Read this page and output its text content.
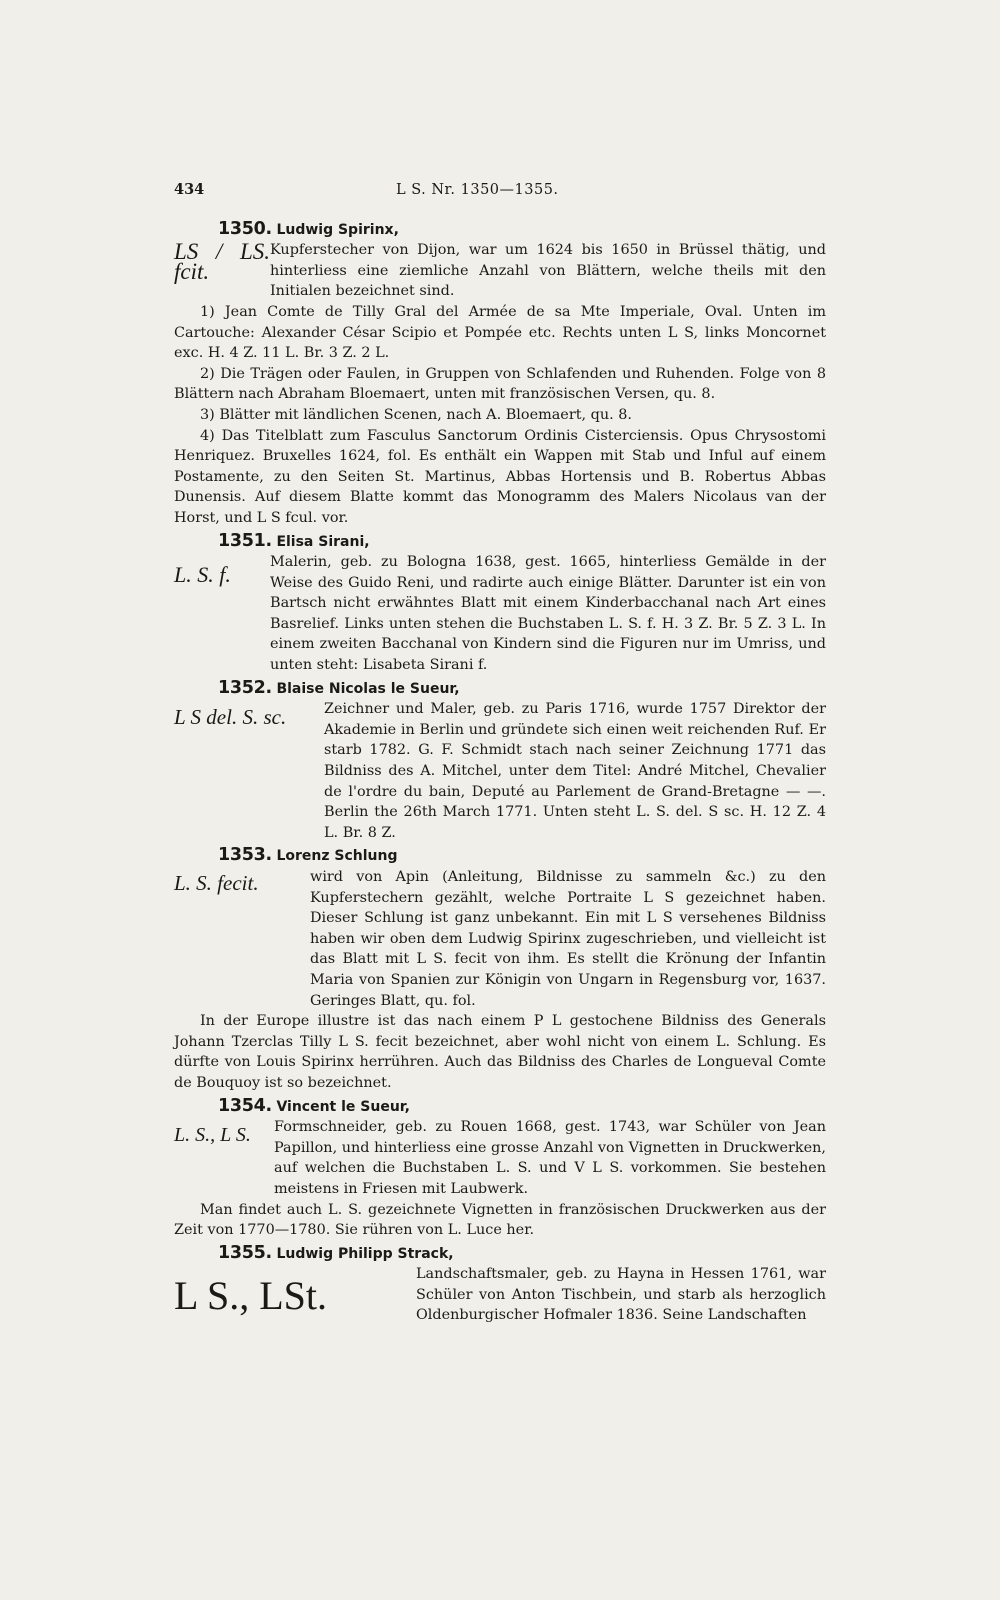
434	L S. Nr. 1350—1355.

1350. Ludwig Spirinx,

LS / LS. fcit.
Kupferstecher von Dijon, war um 1624 bis 1650 in Brüssel thätig, und hinterliess eine ziemliche Anzahl von Blättern, welche theils mit den Initialen bezeichnet sind.

1) Jean Comte de Tilly Gral del Armée de sa Mte Imperiale, Oval. Unten im Cartouche: Alexander César Scipio et Pompée etc. Rechts unten L S, links Moncornet exc. H. 4 Z. 11 L. Br. 3 Z. 2 L.

2) Die Trägen oder Faulen, in Gruppen von Schlafenden und Ruhenden. Folge von 8 Blättern nach Abraham Bloemaert, unten mit französischen Versen, qu. 8.

3) Blätter mit ländlichen Scenen, nach A. Bloemaert, qu. 8.

4) Das Titelblatt zum Fasculus Sanctorum Ordinis Cisterciensis. Opus Chrysostomi Henriquez. Bruxelles 1624, fol. Es enthält ein Wappen mit Stab und Inful auf einem Postamente, zu den Seiten St. Martinus, Abbas Hortensis und B. Robertus Abbas Dunensis. Auf diesem Blatte kommt das Monogramm des Malers Nicolaus van der Horst, und L S fcul. vor.

1351. Elisa Sirani,

L. S. f.	Malerin, geb. zu Bologna 1638, gest. 1665, hinterliess Gemälde in der Weise des Guido Reni, und radirte auch einige Blätter. Darunter ist ein von Bartsch nicht erwähntes Blatt mit einem Kinderbacchanal nach Art eines Basrelief. Links unten stehen die Buchstaben L. S. f. H. 3 Z. Br. 5 Z. 3 L. In einem zweiten Bacchanal von Kindern sind die Figuren nur im Umriss, und unten steht: Lisabeta Sirani f.

1352. Blaise Nicolas le Sueur,

L S del. S. sc.	Zeichner und Maler, geb. zu Paris 1716, wurde 1757 Direktor der Akademie in Berlin und gründete sich einen weit reichenden Ruf. Er starb 1782. G. F. Schmidt stach nach seiner Zeichnung 1771 das Bildniss des A. Mitchel, unter dem Titel: André Mitchel, Chevalier de l'ordre du bain, Deputé au Parlement de Grand-Bretagne — —. Berlin the 26th March 1771. Unten steht L. S. del. S sc. H. 12 Z. 4 L. Br. 8 Z.

1353. Lorenz Schlung

L. S. fecit.	wird von Apin (Anleitung, Bildnisse zu sammeln &c.) zu den Kupferstechern gezählt, welche Portraite L S gezeichnet haben. Dieser Schlung ist ganz unbekannt. Ein mit L S versehenes Bildniss haben wir oben dem Ludwig Spirinx zugeschrieben, und vielleicht ist das Blatt mit L S. fecit von ihm. Es stellt die Krönung der Infantin Maria von Spanien zur Königin von Ungarn in Regensburg vor, 1637. Geringes Blatt, qu. fol.

In der Europe illustre ist das nach einem P L gestochene Bildniss des Generals Johann Tzerclas Tilly L S. fecit bezeichnet, aber wohl nicht von einem L. Schlung. Es dürfte von Louis Spirinx herrühren. Auch das Bildniss des Charles de Longueval Comte de Bouquoy ist so bezeichnet.

1354. Vincent le Sueur,

L. S., L S.	Formschneider, geb. zu Rouen 1668, gest. 1743, war Schüler von Jean Papillon, und hinterliess eine grosse Anzahl von Vignetten in Druckwerken, auf welchen die Buchstaben L. S. und V L S. vorkommen. Sie bestehen meistens in Friesen mit Laubwerk.

Man findet auch L. S. gezeichnete Vignetten in französischen Druckwerken aus der Zeit von 1770—1780. Sie rühren von L. Luce her.

1355. Ludwig Philipp Strack,

L S., LSt.	Landschaftsmaler, geb. zu Hayna in Hessen 1761, war Schüler von Anton Tischbein, und starb als herzoglich Oldenburgischer Hofmaler 1836. Seine Landschaften
